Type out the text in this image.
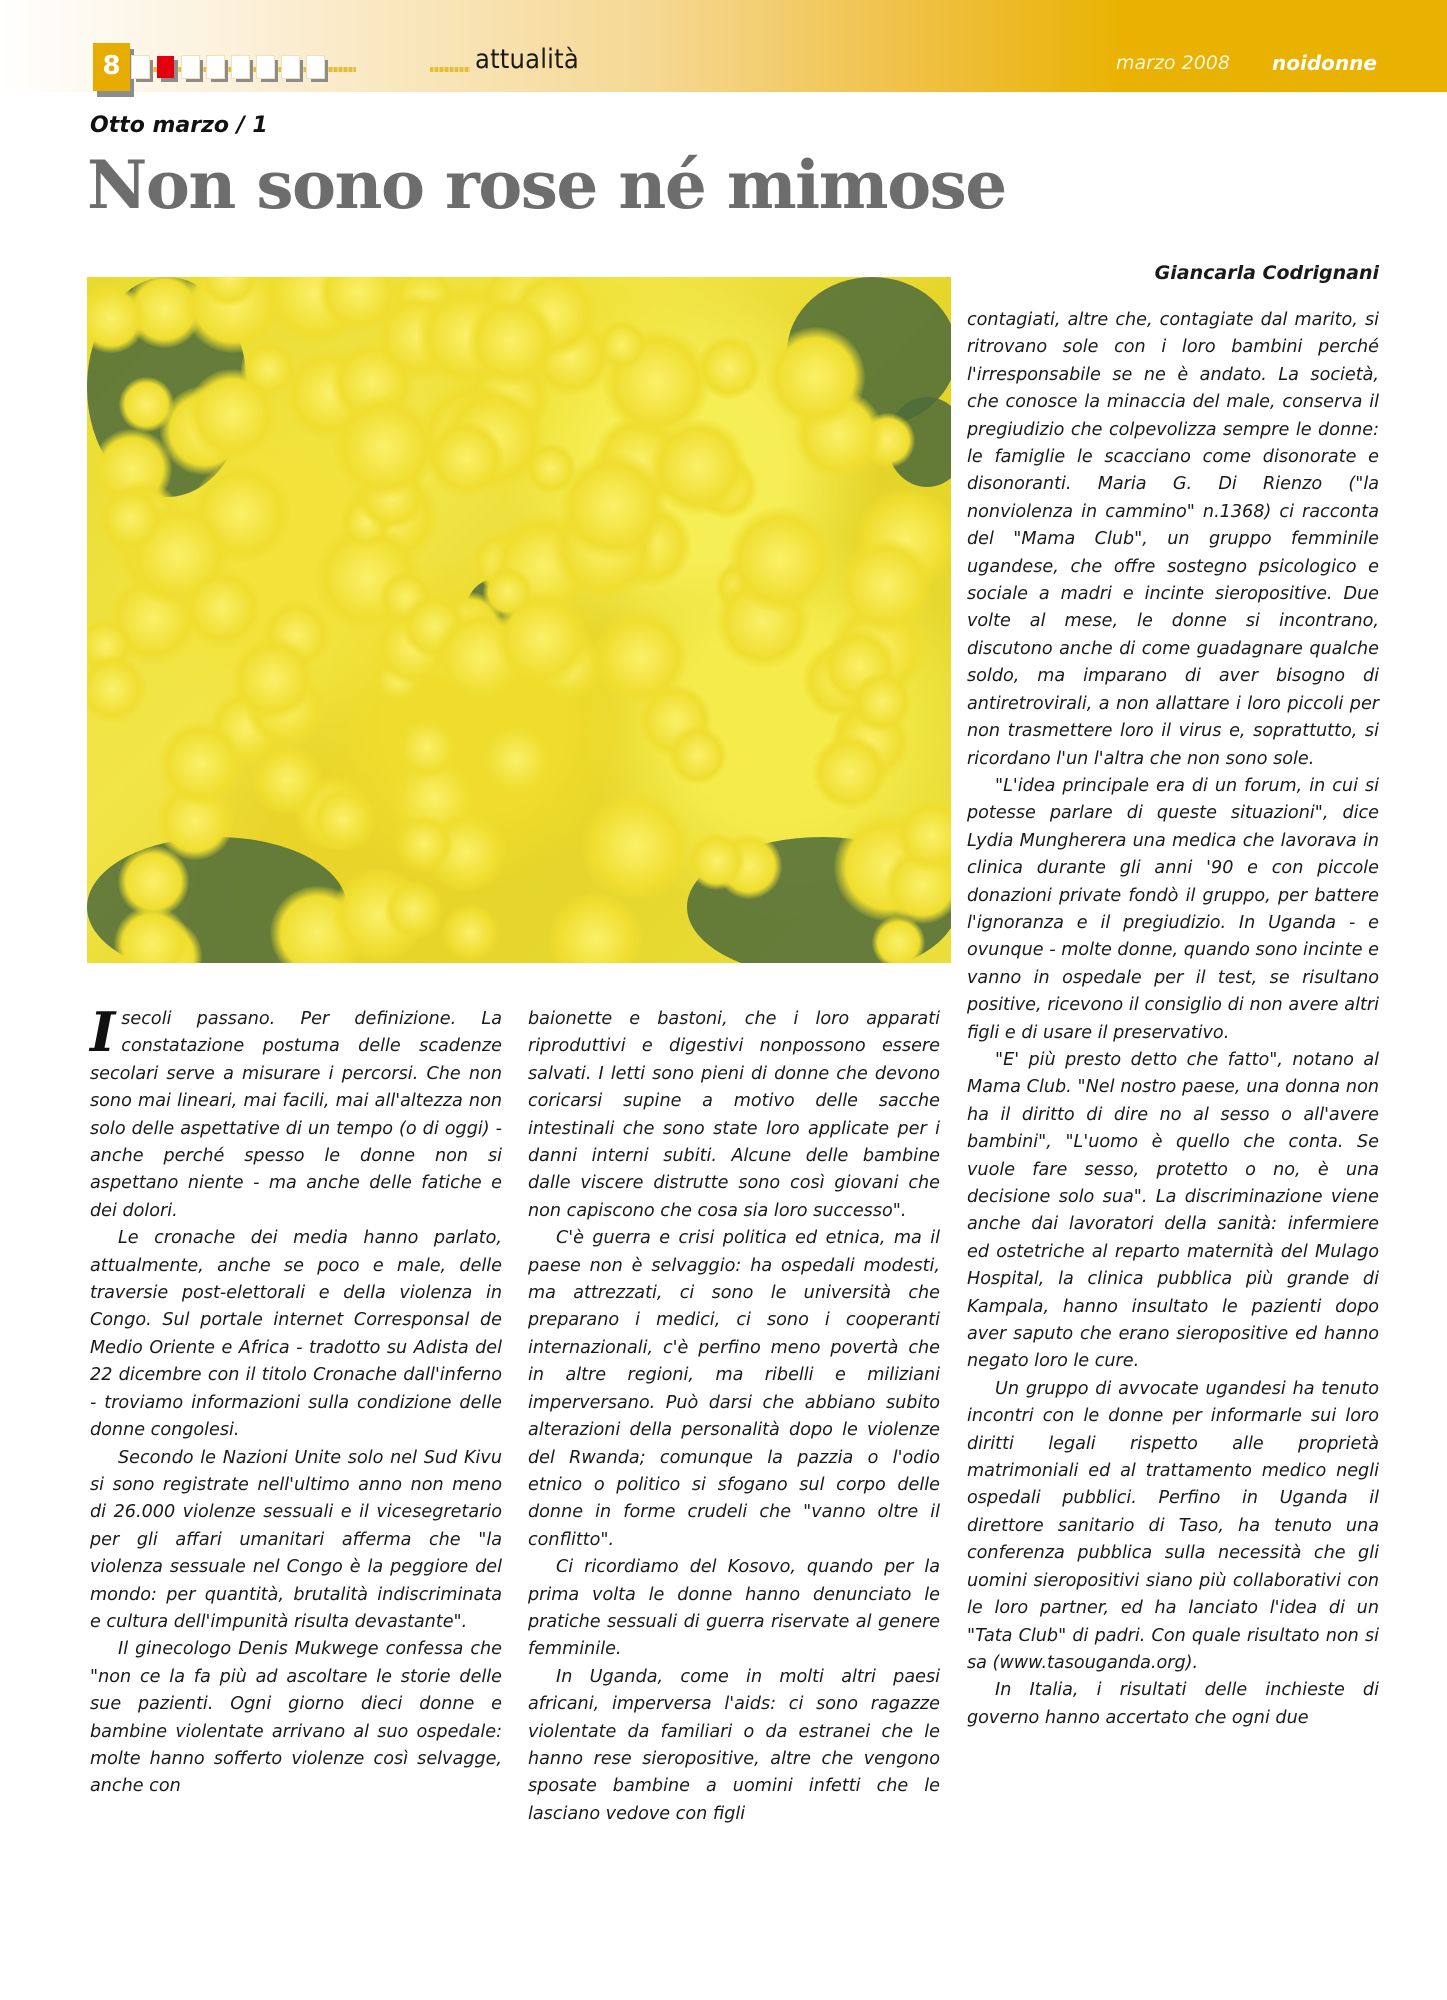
8	attualità	marzo 2008 noidonne
Otto marzo / 1
Non sono rose né mimose
Giancarla Codrignani

I secoli passano. Per definizione. La constatazione postuma delle scadenze secolari serve a misurare i percorsi. Che non sono mai lineari, mai facili, mai all'altezza non solo delle aspettative di un tempo (o di oggi) - anche perché spesso le donne non si aspettano niente - ma anche delle fatiche e dei dolori.

Le cronache dei media hanno parlato, attualmente, anche se poco e male, delle traversie post-elettorali e della violenza in Congo. Sul portale internet Corresponsal de Medio Oriente e Africa - tradotto su Adista del 22 dicembre con il titolo Cronache dall'inferno - troviamo informazioni sulla condizione delle donne congolesi.

Secondo le Nazioni Unite solo nel Sud Kivu si sono registrate nell'ultimo anno non meno di 26.000 violenze sessuali e il vicesegretario per gli affari umanitari afferma che "la violenza sessuale nel Congo è la peggiore del mondo: per quantità, brutalità indiscriminata e cultura dell'impunità risulta devastante".

Il ginecologo Denis Mukwege confessa che "non ce la fa più ad ascoltare le storie delle sue pazienti. Ogni giorno dieci donne e bambine violentate arrivano al suo ospedale: molte hanno sofferto violenze così selvagge, anche con

baionette e bastoni, che i loro apparati riproduttivi e digestivi nonpossono essere salvati. I letti sono pieni di donne che devono coricarsi supine a motivo delle sacche intestinali che sono state loro applicate per i danni interni subiti. Alcune delle bambine dalle viscere distrutte sono così giovani che non capiscono che cosa sia loro successo".

C'è guerra e crisi politica ed etnica, ma il paese non è selvaggio: ha ospedali modesti, ma attrezzati, ci sono le università che preparano i medici, ci sono i cooperanti internazionali, c'è perfino meno povertà che in altre regioni, ma ribelli e miliziani imperversano. Può darsi che abbiano subito alterazioni della personalità dopo le violenze del Rwanda; comunque la pazzia o l'odio etnico o politico si sfogano sul corpo delle donne in forme crudeli che "vanno oltre il conflitto".

Ci ricordiamo del Kosovo, quando per la prima volta le donne hanno denunciato le pratiche sessuali di guerra riservate al genere femminile.

In Uganda, come in molti altri paesi africani, imperversa l'aids: ci sono ragazze violentate da familiari o da estranei che le hanno rese sieropositive, altre che vengono sposate bambine a uomini infetti che le lasciano vedove con figli

contagiati, altre che, contagiate dal marito, si ritrovano sole con i loro bambini perché l'irresponsabile se ne è andato. La società, che conosce la minaccia del male, conserva il pregiudizio che colpevolizza sempre le donne: le famiglie le scacciano come disonorate e disonoranti. Maria G. Di Rienzo ("la nonviolenza in cammino" n.1368) ci racconta del "Mama Club", un gruppo femminile ugandese, che offre sostegno psicologico e sociale a madri e incinte sieropositive. Due volte al mese, le donne si incontrano, discutono anche di come guadagnare qualche soldo, ma imparano di aver bisogno di antiretrovirali, a non allattare i loro piccoli per non trasmettere loro il virus e, soprattutto, si ricordano l'un l'altra che non sono sole.

"L'idea principale era di un forum, in cui si potesse parlare di queste situazioni", dice Lydia Mungherera una medica che lavorava in clinica durante gli anni '90 e con piccole donazioni private fondò il gruppo, per battere l'ignoranza e il pregiudizio. In Uganda - e ovunque - molte donne, quando sono incinte e vanno in ospedale per il test, se risultano positive, ricevono il consiglio di non avere altri figli e di usare il preservativo.

"E' più presto detto che fatto", notano al Mama Club. "Nel nostro paese, una donna non ha il diritto di dire no al sesso o all'avere bambini", "L'uomo è quello che conta. Se vuole fare sesso, protetto o no, è una decisione solo sua". La discriminazione viene anche dai lavoratori della sanità: infermiere ed ostetriche al reparto maternità del Mulago Hospital, la clinica pubblica più grande di Kampala, hanno insultato le pazienti dopo aver saputo che erano sieropositive ed hanno negato loro le cure.

Un gruppo di avvocate ugandesi ha tenuto incontri con le donne per informarle sui loro diritti legali rispetto alle proprietà matrimoniali ed al trattamento medico negli ospedali pubblici. Perfino in Uganda il direttore sanitario di Taso, ha tenuto una conferenza pubblica sulla necessità che gli uomini sieropositivi siano più collaborativi con le loro partner, ed ha lanciato l'idea di un "Tata Club" di padri. Con quale risultato non si sa (www.tasouganda.org).

In Italia, i risultati delle inchieste di governo hanno accertato che ogni due
